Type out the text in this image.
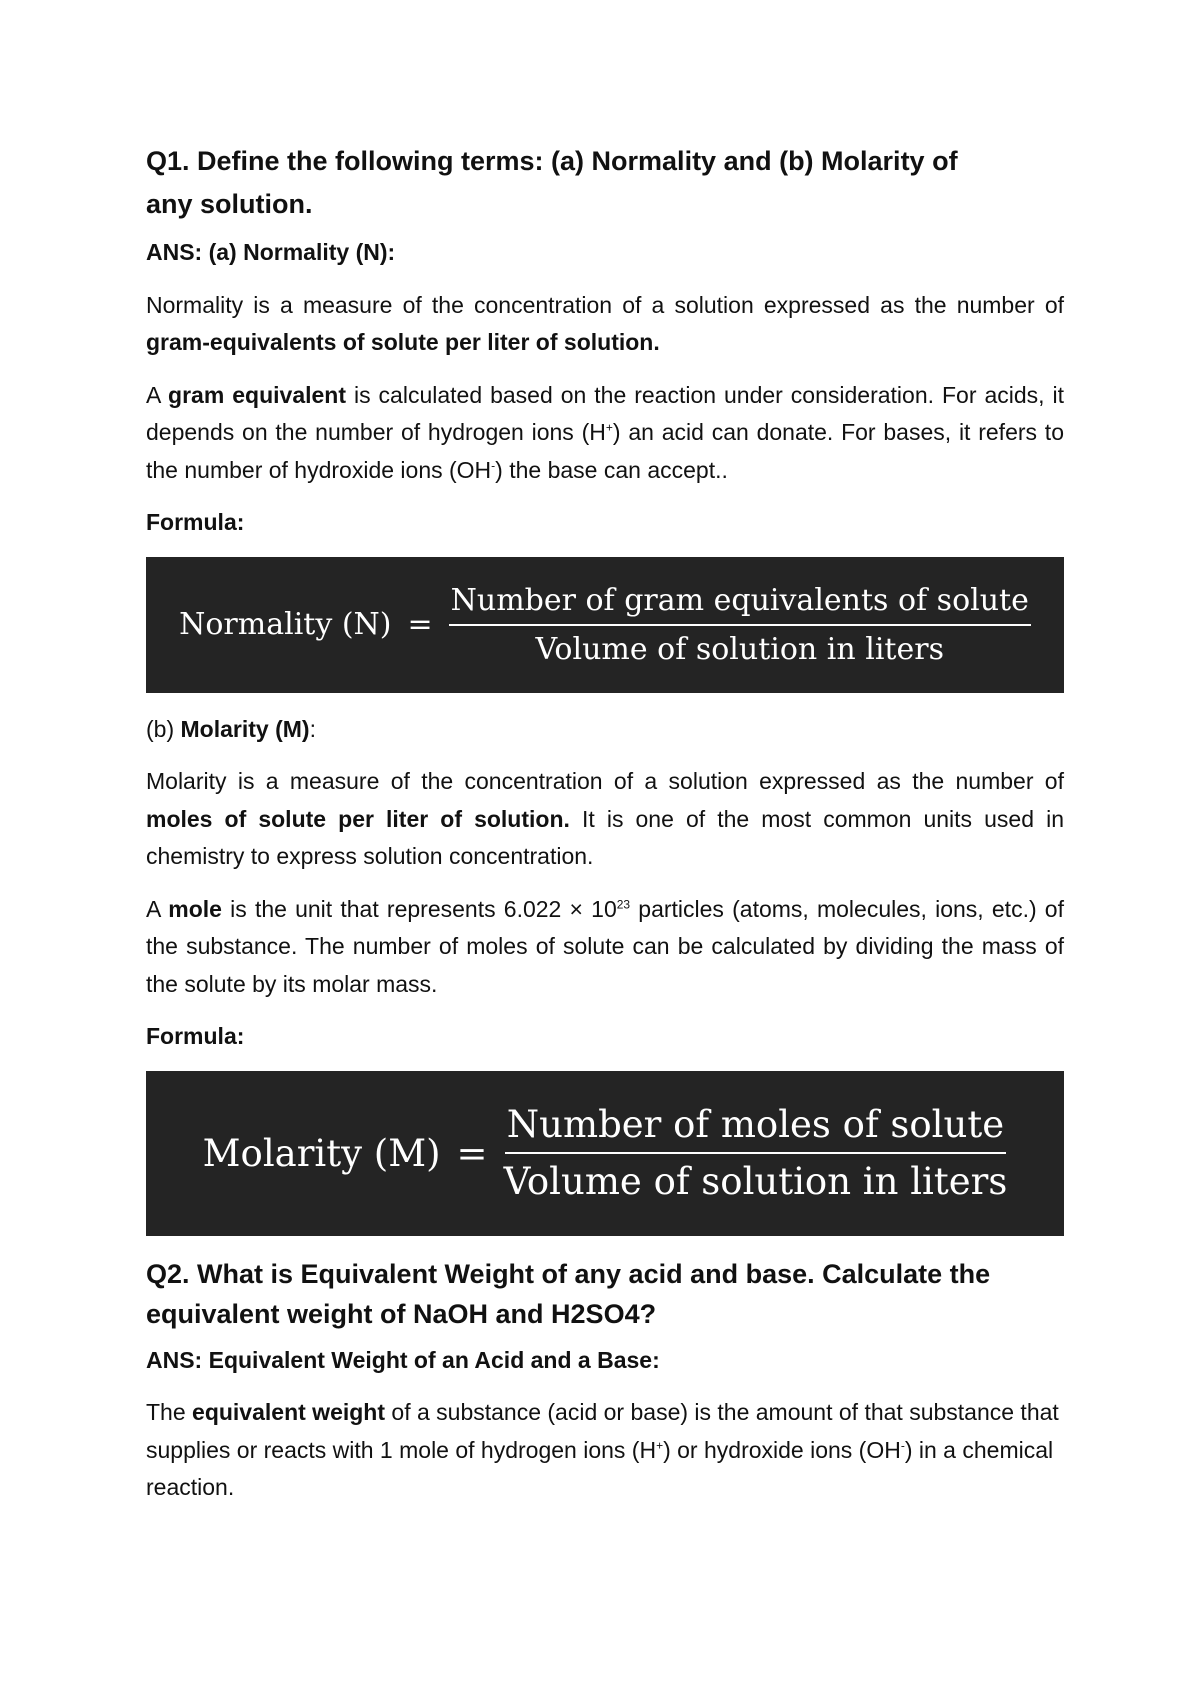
Q1. Define the following terms: (a) Normality and (b) Molarity of
any solution.
ANS: (a) Normality (N):
Normality is a measure of the concentration of a solution expressed as the number of gram-equivalents of solute per liter of solution.
A gram equivalent is calculated based on the reaction under consideration. For acids, it depends on the number of hydrogen ions (H+) an acid can donate. For bases, it refers to the number of hydroxide ions (OH-) the base can accept..
Formula:
Normality $(N) = \frac{\text{Number of gram equivalents of solute}}{\text{Volume of solution in liters}}$
(b) Molarity (M):
Molarity is a measure of the concentration of a solution expressed as the number of moles of solute per liter of solution. It is one of the most common units used in chemistry to express solution concentration.
A mole is the unit that represents $6.022 \times 10^{23}$ particles (atoms, molecules, ions, etc.) of the substance. The number of moles of solute can be calculated by dividing the mass of the solute by its molar mass.
Formula:
Molarity $(M) = \frac{\text{Number of moles of solute}}{\text{Volume of solution in liters}}$
Q2. What is Equivalent Weight of any acid and base. Calculate the
equivalent weight of NaOH and H2SO4?
ANS: Equivalent Weight of an Acid and a Base:
The equivalent weight of a substance (acid or base) is the amount of that substance that supplies or reacts with 1 mole of hydrogen ions (H+) or hydroxide ions (OH-) in a chemical reaction.
